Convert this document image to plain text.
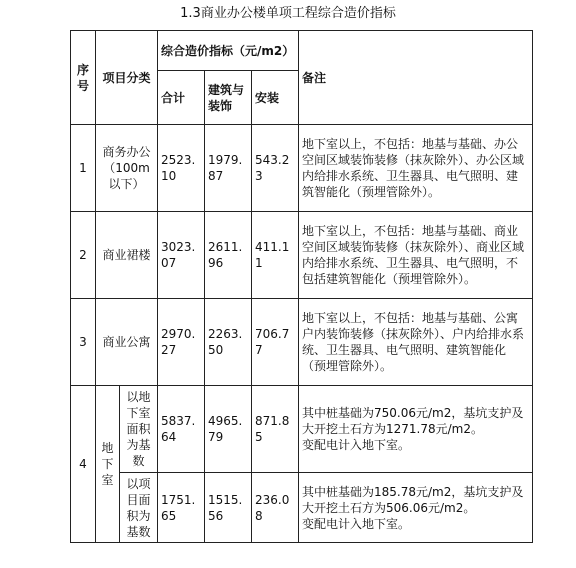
1.3商业办公楼单项工程综合造价指标
序号	项目分类		综合造价指标（元/m2）			备注
			合计	建筑与装饰	安装	
1	商务办公（100m以下）		2523.10	1979.87	543.23	地下室以上，不包括：地基与基础、办公空间区域装饰装修（抹灰除外）、办公区域内给排水系统、卫生器具、电气照明、建筑智能化（预埋管除外）。
2	商业裙楼		3023.07	2611.96	411.11	地下室以上，不包括：地基与基础、商业空间区域装饰装修（抹灰除外）、商业区域内给排水系统、卫生器具、电气照明，不包括建筑智能化（预埋管除外）。
3	商业公寓		2970.27	2263.50	706.77	地下室以上，不包括：地基与基础、公寓户内装饰装修（抹灰除外）、户内给排水系统、卫生器具、电气照明、建筑智能化（预埋管除外）。
4	地下室	以地下室面积为基数	5837.64	4965.79	871.85	其中桩基础为750.06元/m2，基坑支护及大开挖土石方为1271.78元/m2。
变配电计入地下室。

		以项目面积为基数	1751.65	1515.56	236.08	其中桩基础为185.78元/m2，基坑支护及大开挖土石方为506.06元/m2。
变配电计入地下室。
